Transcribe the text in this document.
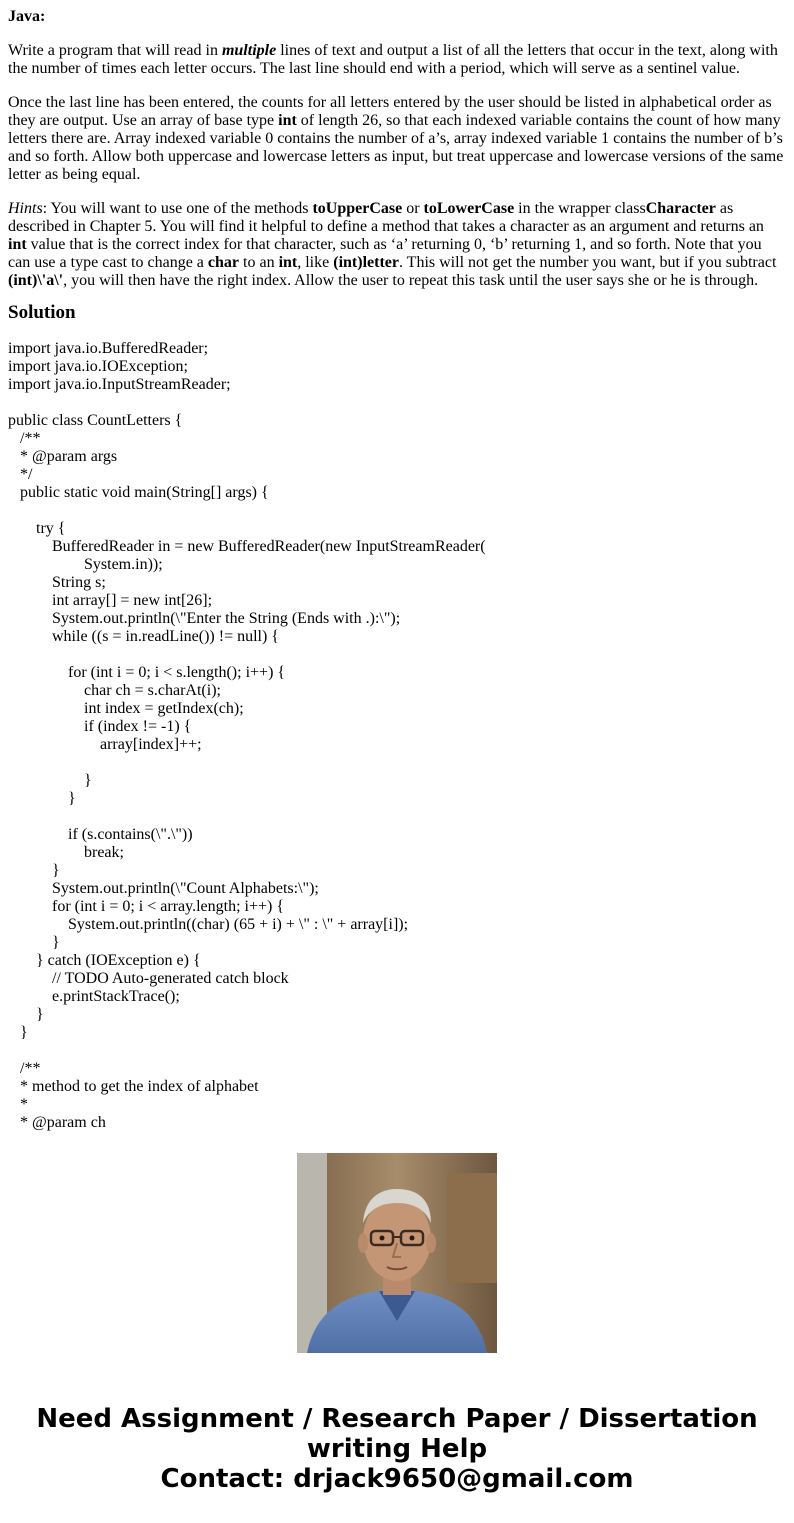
Java:

Write a program that will read in multiple lines of text and output a list of all the letters that occur in the text, along with the number of times each letter occurs. The last line should end with a period, which will serve as a sentinel value.

Once the last line has been entered, the counts for all letters entered by the user should be listed in alphabetical order as they are output. Use an array of base type int of length 26, so that each indexed variable contains the count of how many letters there are. Array indexed variable 0 contains the number of a’s, array indexed variable 1 contains the number of b’s and so forth. Allow both uppercase and lowercase letters as input, but treat uppercase and lowercase versions of the same letter as being equal.

Hints: You will want to use one of the methods toUpperCase or toLowerCase in the wrapper classCharacter as described in Chapter 5. You will find it helpful to define a method that takes a character as an argument and returns an int value that is the correct index for that character, such as ‘a’ returning 0, ‘b’ returning 1, and so forth. Note that you can use a type cast to change a char to an int, like (int)letter. This will not get the number you want, but if you subtract (int)\'a\', you will then have the right index. Allow the user to repeat this task until the user says she or he is through.

Solution
import java.io.BufferedReader;
import java.io.IOException;
import java.io.InputStreamReader;
public class CountLetters {
/**
* @param args
*/
public static void main(String[] args) {
try {
BufferedReader in = new BufferedReader(new InputStreamReader(
System.in));
String s;
int array[] = new int[26];
System.out.println(\"Enter the String (Ends with .):\");
while ((s = in.readLine()) != null) {
for (int i = 0; i < s.length(); i++) {
char ch = s.charAt(i);
int index = getIndex(ch);
if (index != -1) {
array[index]++;
}
}
if (s.contains(\".\"))
break;
}
System.out.println(\"Count Alphabets:\");
for (int i = 0; i < array.length; i++) {
System.out.println((char) (65 + i) + \" : \" + array[i]);
}
} catch (IOException e) {
// TODO Auto-generated catch block
e.printStackTrace();
}
}
/**
* method to get the index of alphabet
*
* @param ch
Need Assignment / Research Paper / Dissertation
writing Help
Contact: drjack9650@gmail.com
